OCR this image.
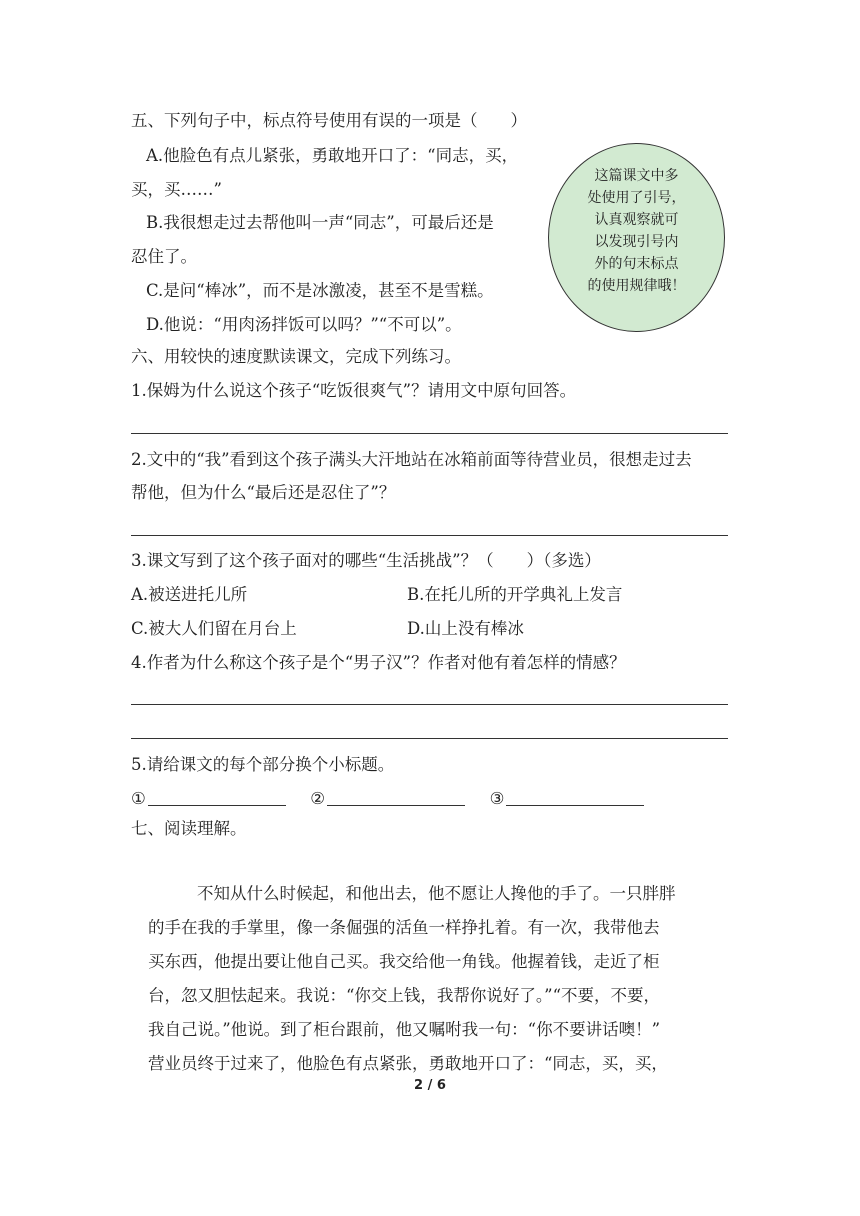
五、下列句子中，标点符号使用有误的一项是（　　）
A.他脸色有点儿紧张，勇敢地开口了：“同志，买，
买，买……”
B.我很想走过去帮他叫一声“同志”，可最后还是
忍住了。
C.是问“棒冰”，而不是冰激凌，甚至不是雪糕。
D.他说：“用肉汤拌饭可以吗？”“不可以”。
这篇课文中多
处使用了引号，
认真观察就可
以发现引号内
外的句末标点
的使用规律哦！
六、用较快的速度默读课文，完成下列练习。
1.保姆为什么说这个孩子“吃饭很爽气”？请用文中原句回答。
2.文中的“我”看到这个孩子满头大汗地站在冰箱前面等待营业员，很想走过去
帮他，但为什么“最后还是忍住了”？
3.课文写到了这个孩子面对的哪些“生活挑战”？（　　）（多选）
A.被送进托儿所	B.在托儿所的开学典礼上发言
C.被大人们留在月台上	D.山上没有棒冰
4.作者为什么称这个孩子是个“男子汉”？作者对他有着怎样的情感？
5.请给课文的每个部分换个小标题。
①	②	③
七、阅读理解。
不知从什么时候起，和他出去，他不愿让人搀他的手了。一只胖胖
的手在我的手掌里，像一条倔强的活鱼一样挣扎着。有一次，我带他去
买东西，他提出要让他自己买。我交给他一角钱。他握着钱，走近了柜
台，忽又胆怯起来。我说：“你交上钱，我帮你说好了。”“不要，不要，
我自己说。”他说。到了柜台跟前，他又嘱咐我一句：“你不要讲话噢！”
营业员终于过来了，他脸色有点紧张，勇敢地开口了：“同志，买，买，
2 / 6
